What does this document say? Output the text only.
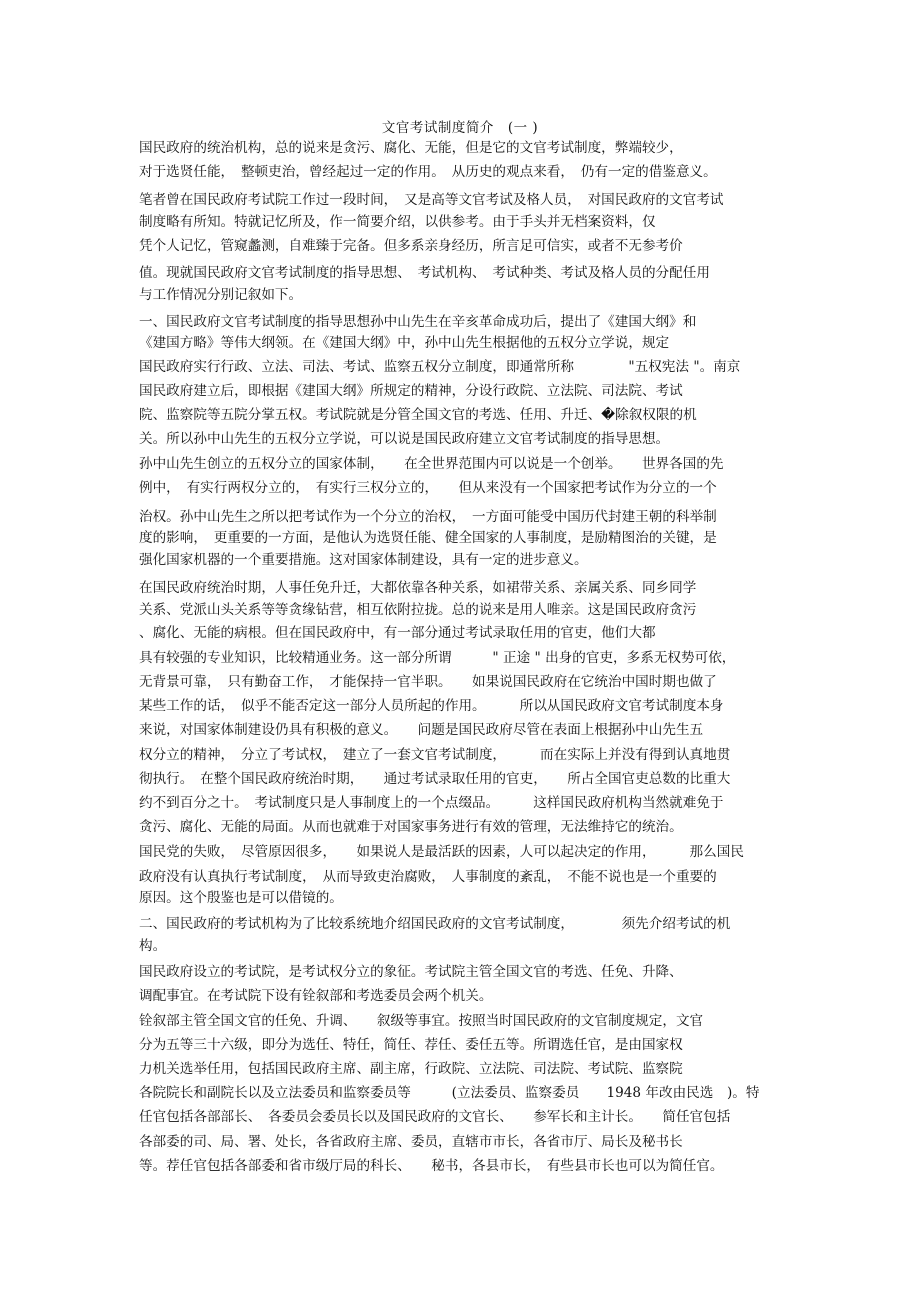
文官考试制度简介　(一 )
国民政府的统治机构，总的说来是贪污、腐化、无能，但是它的文官考试制度，弊端较少，
对于选贤任能，　整顿吏治，曾经起过一定的作用。　从历史的观点来看，　仍有一定的借鉴意义。
笔者曾在国民政府考试院工作过一段时间，　又是高等文官考试及格人员，　对国民政府的文官考试
制度略有所知。特就记忆所及，作一简要介绍，以供参考。由于手头并无档案资料，仅
凭个人记忆，管窥蠡测，自难臻于完备。但多系亲身经历，所言足可信实，或者不无参考价
值。现就国民政府文官考试制度的指导思想、　考试机构、　考试种类、考试及格人员的分配任用
与工作情况分别记叙如下。
一、国民政府文官考试制度的指导思想孙中山先生在辛亥革命成功后，提出了《建国大纲》和
《建国方略》等伟大纲领。在《建国大纲》中，孙中山先生根据他的五权分立学说，规定
国民政府实行行政、立法、司法、考试、监察五权分立制度，即通常所称　　　　"五权宪法 "。南京
国民政府建立后，即根据《建国大纲》所规定的精神，分设行政院、立法院、司法院、考试
院、监察院等五院分掌五权。考试院就是分管全国文官的考选、任用、升迁、�除叙权限的机
关。所以孙中山先生的五权分立学说，可以说是国民政府建立文官考试制度的指导思想。
孙中山先生创立的五权分立的国家体制，　　在全世界范围内可以说是一个创举。　　世界各国的先
例中，　有实行两权分立的，　有实行三权分立的，　　但从来没有一个国家把考试作为分立的一个
治权。孙中山先生之所以把考试作为一个分立的治权，　一方面可能受中国历代封建王朝的科举制
度的影响，　更重要的一方面，是他认为选贤任能、健全国家的人事制度，是励精图治的关键，是
强化国家机器的一个重要措施。这对国家体制建设，具有一定的进步意义。
在国民政府统治时期，人事任免升迁，大都依靠各种关系，如裙带关系、亲属关系、同乡同学
关系、党派山头关系等等贪缘钻营，相互依附拉拢。总的说来是用人唯亲。这是国民政府贪污
、腐化、无能的病根。但在国民政府中，有一部分通过考试录取任用的官吏，他们大都
具有较强的专业知识，比较精通业务。这一部分所谓　　　" 正途 " 出身的官吏，多系无权势可依，
无背景可靠，　只有勤奋工作，　才能保持一官半职。　　如果说国民政府在它统治中国时期也做了
某些工作的话，　似乎不能否定这一部分人员所起的作用。　　　所以从国民政府文官考试制度本身
来说，对国家体制建设仍具有积极的意义。　　问题是国民政府尽管在表面上根据孙中山先生五
权分立的精神，　分立了考试权，　建立了一套文官考试制度，　　　而在实际上并没有得到认真地贯
彻执行。　在整个国民政府统治时期，　　通过考试录取任用的官吏，　　所占全国官吏总数的比重大
约不到百分之十。　考试制度只是人事制度上的一个点缀品。　　　这样国民政府机构当然就难免于
贪污、腐化、无能的局面。从而也就难于对国家事务进行有效的管理，无法维持它的统治。
国民党的失败，　尽管原因很多，　　如果说人是最活跃的因素，人可以起决定的作用，　　　那么国民
政府没有认真执行考试制度，　从而导致吏治腐败，　人事制度的紊乱，　不能不说也是一个重要的
原因。这个殷鉴也是可以借镜的。
二、国民政府的考试机构为了比较系统地介绍国民政府的文官考试制度，　　　　须先介绍考试的机
构。
国民政府设立的考试院，是考试权分立的象征。考试院主管全国文官的考选、任免、升降、
调配事宜。在考试院下设有铨叙部和考选委员会两个机关。
铨叙部主管全国文官的任免、升调、　　叙级等事宜。按照当时国民政府的文官制度规定，文官
分为五等三十六级，即分为选任、特任，简任、荐任、委任五等。所谓选任官，是由国家权
力机关选举任用，包括国民政府主席、副主席，行政院、立法院、司法院、考试院、监察院
各院院长和副院长以及立法委员和监察委员等　　　(立法委员、监察委员　　1948 年改由民选　)。特
任官包括各部部长、　各委员会委员长以及国民政府的文官长、　　参军长和主计长。　　简任官包括
各部委的司、局、署、处长，各省政府主席、委员，直辖市市长，各省市厅、局长及秘书长
等。荐任官包括各部委和省市级厅局的科长、　　秘书，各县市长，　有些县市长也可以为简任官。
